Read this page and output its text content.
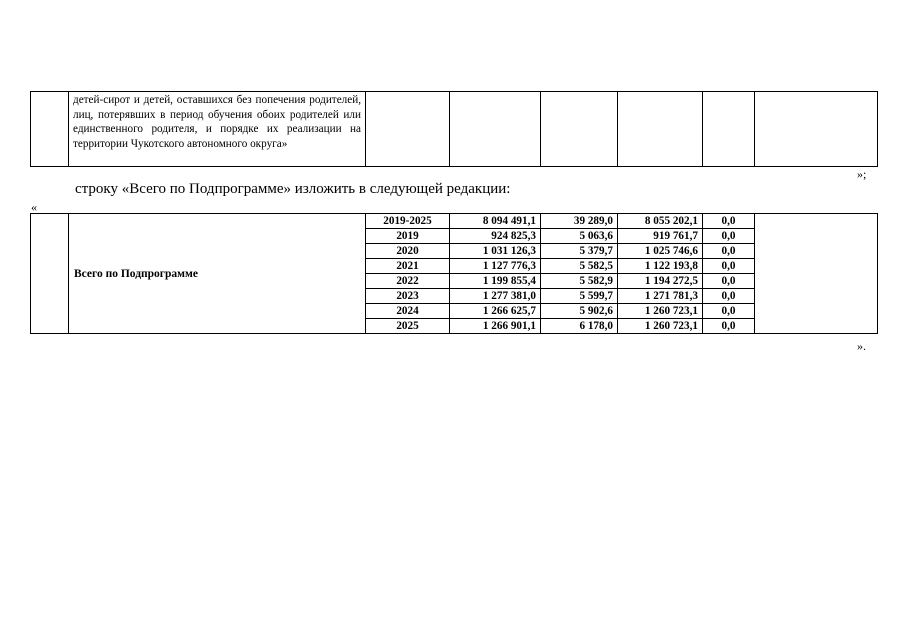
	детей-сирот и детей, оставшихся без попечения родителей, лиц, потерявших в период обучения обоих родителей или единственного родителя, и порядке их реализации на территории Чукотского автономного округа»						
»;
строку «Всего по Подпрограмме» изложить в следующей редакции:
«
	Всего по Подпрограмме	2019-2025	8 094 491,1	39 289,0	8 055 202,1	0,0	
		2019	924 825,3	5 063,6	919 761,7	0,0	
		2020	1 031 126,3	5 379,7	1 025 746,6	0,0	
		2021	1 127 776,3	5 582,5	1 122 193,8	0,0	
		2022	1 199 855,4	5 582,9	1 194 272,5	0,0	
		2023	1 277 381,0	5 599,7	1 271 781,3	0,0	
		2024	1 266 625,7	5 902,6	1 260 723,1	0,0	
		2025	1 266 901,1	6 178,0	1 260 723,1	0,0	
».
